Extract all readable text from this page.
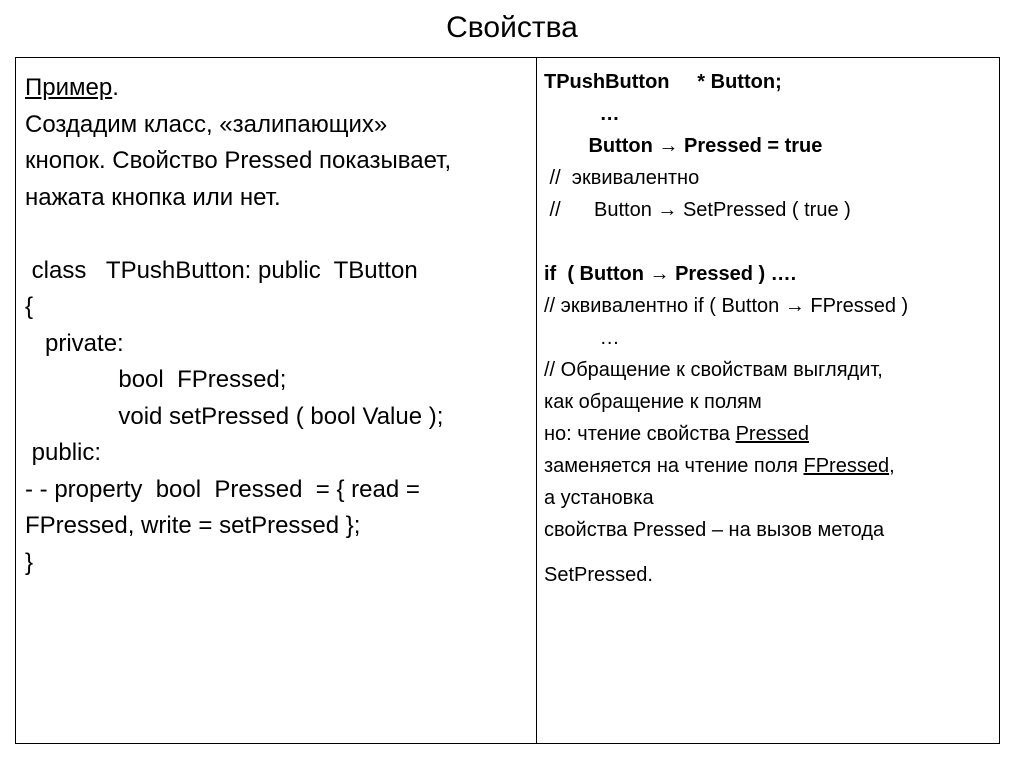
Свойства
Пример.
Создадим класс, «залипающих»
кнопок. Свойство Pressed показывает,
нажата кнопка или нет.
class   TPushButton: public  TButton
{
private:
bool  FPressed;
void setPressed ( bool Value );
public:
- - property  bool  Pressed  = { read =
FPressed, write = setPressed };
}
TPushButton     * Button;
…
Button → Pressed = true
//  эквивалентно
//      Button → SetPressed ( true )
if  ( Button → Pressed ) ….
// эквивалентно if ( Button → FPressed )
…
// Обращение к свойствам выглядит,
как обращение к полям
но: чтение свойства Pressed
заменяется на чтение поля FPressed,
а установка
свойства Pressed – на вызов метода
SetPressed.
